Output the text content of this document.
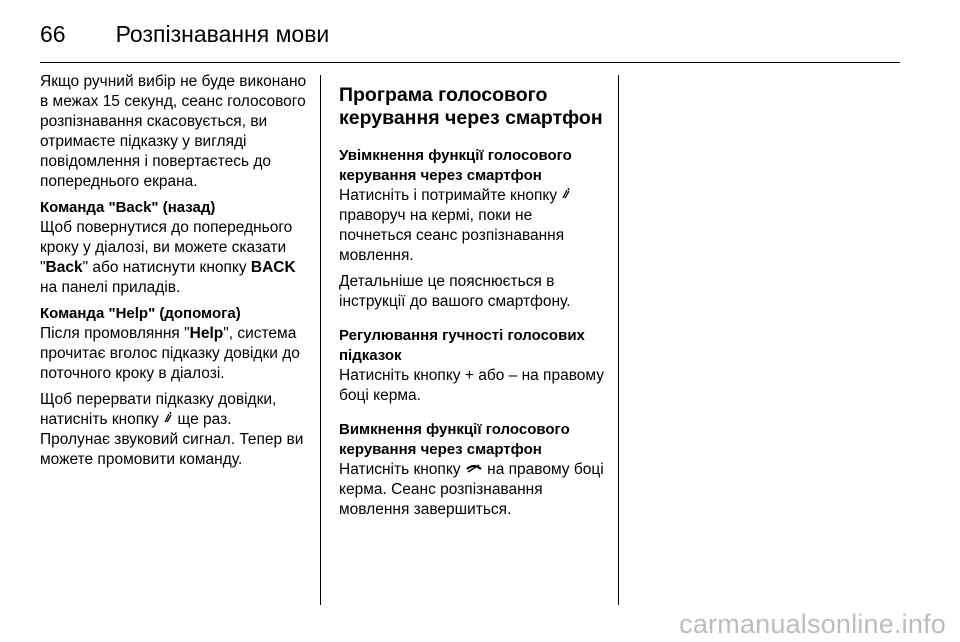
66 Розпізнавання мови

Якщо ручний вибір не буде виконано в межах 15 секунд, сеанс голосового розпізнавання скасовується, ви отримаєте підказку у вигляді повідомлення і повертаєтесь до попереднього екрана.

Команда "Back" (назад)

Щоб повернутися до попереднього кроку у діалозі, ви можете сказати "Back" або натиснути кнопку BACK на панелі приладів.

Команда "Help" (допомога)

Після промовляння "Help", система прочитає вголос підказку довідки до поточного кроку в діалозі.

Щоб перервати підказку довідки, натисніть кнопку  ще раз.

Пролунає звуковий сигнал. Тепер ви можете промовити команду.

Програма голосового керування через смартфон

Увімкнення функції голосового керування через смартфон

Натисніть і потримайте кнопку  праворуч на кермі, поки не почнеться сеанс розпізнавання мовлення.

Детальніше це пояснюється в інструкції до вашого смартфону.

Регулювання гучності голосових підказок

Натисніть кнопку + або – на правому боці керма.

Вимкнення функції голосового керування через смартфон

Натисніть кнопку  на правому боці керма. Сеанс розпізнавання мовлення завершиться.

carmanualsonline.info
